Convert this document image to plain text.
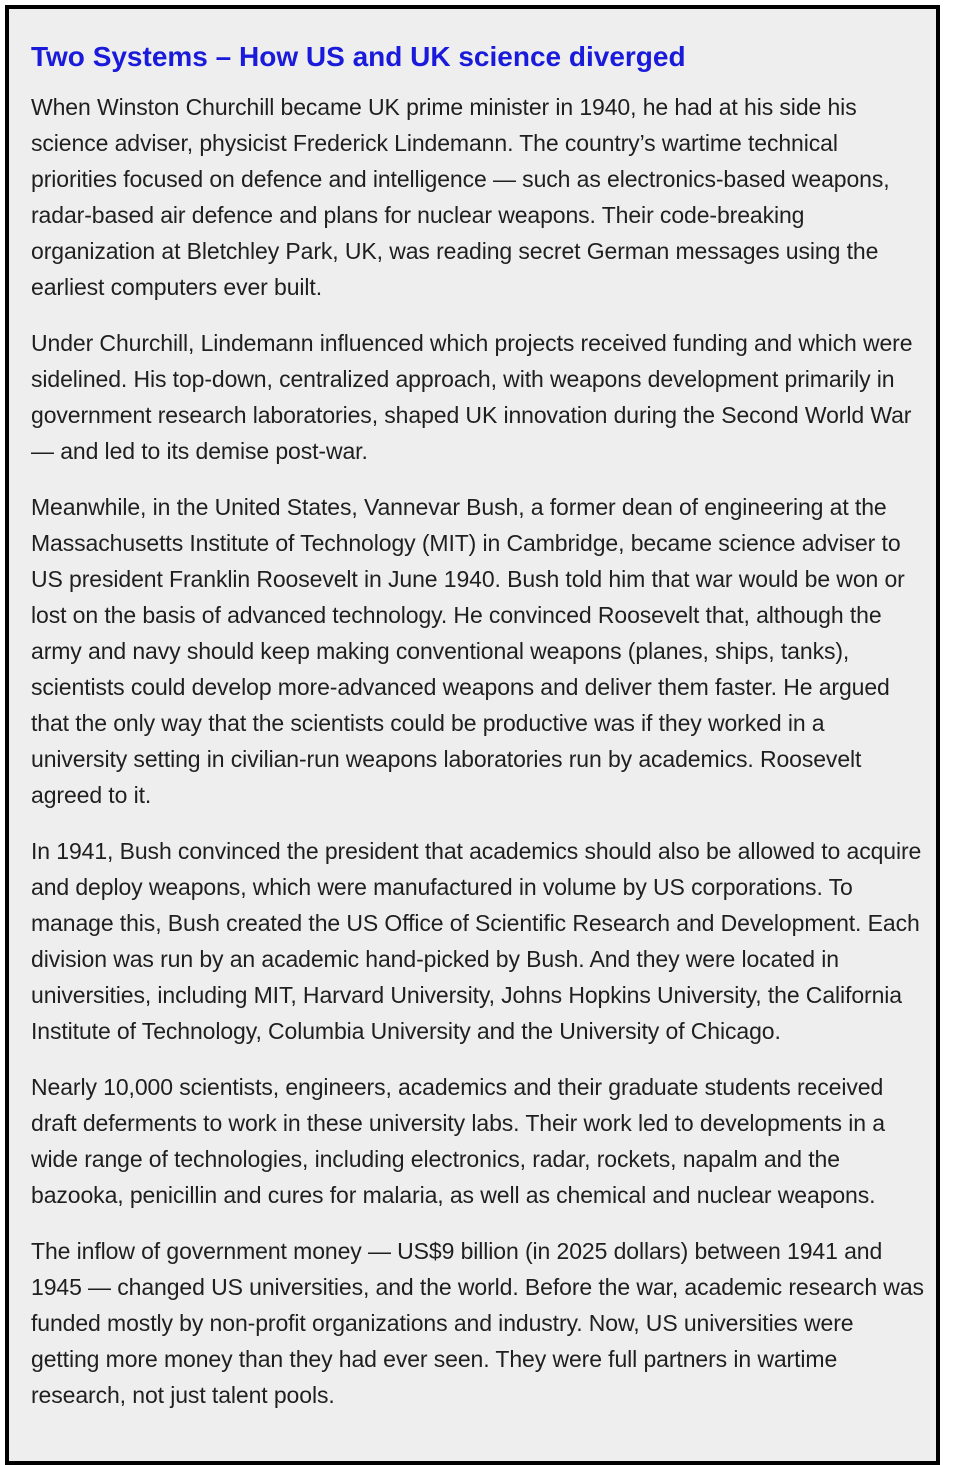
Two Systems – How US and UK science diverged

When Winston Churchill became UK prime minister in 1940, he had at his side his science adviser, physicist Frederick Lindemann. The country’s wartime technical priorities focused on defence and intelligence — such as electronics-based weapons, radar-based air defence and plans for nuclear weapons. Their code-breaking organization at Bletchley Park, UK, was reading secret German messages using the earliest computers ever built.

Under Churchill, Lindemann influenced which projects received funding and which were sidelined. His top-down, centralized approach, with weapons development primarily in government research laboratories, shaped UK innovation during the Second World War — and led to its demise post-war.

Meanwhile, in the United States, Vannevar Bush, a former dean of engineering at the Massachusetts Institute of Technology (MIT) in Cambridge, became science adviser to US president Franklin Roosevelt in June 1940. Bush told him that war would be won or lost on the basis of advanced technology. He convinced Roosevelt that, although the army and navy should keep making conventional weapons (planes, ships, tanks), scientists could develop more-advanced weapons and deliver them faster. He argued that the only way that the scientists could be productive was if they worked in a university setting in civilian-run weapons laboratories run by academics. Roosevelt agreed to it.

In 1941, Bush convinced the president that academics should also be allowed to acquire and deploy weapons, which were manufactured in volume by US corporations. To manage this, Bush created the US Office of Scientific Research and Development. Each division was run by an academic hand-picked by Bush. And they were located in universities, including MIT, Harvard University, Johns Hopkins University, the California Institute of Technology, Columbia University and the University of Chicago.

Nearly 10,000 scientists, engineers, academics and their graduate students received draft deferments to work in these university labs. Their work led to developments in a wide range of technologies, including electronics, radar, rockets, napalm and the bazooka, penicillin and cures for malaria, as well as chemical and nuclear weapons.

The inflow of government money — US$9 billion (in 2025 dollars) between 1941 and 1945 — changed US universities, and the world. Before the war, academic research was funded mostly by non-profit organizations and industry. Now, US universities were getting more money than they had ever seen. They were full partners in wartime research, not just talent pools.
